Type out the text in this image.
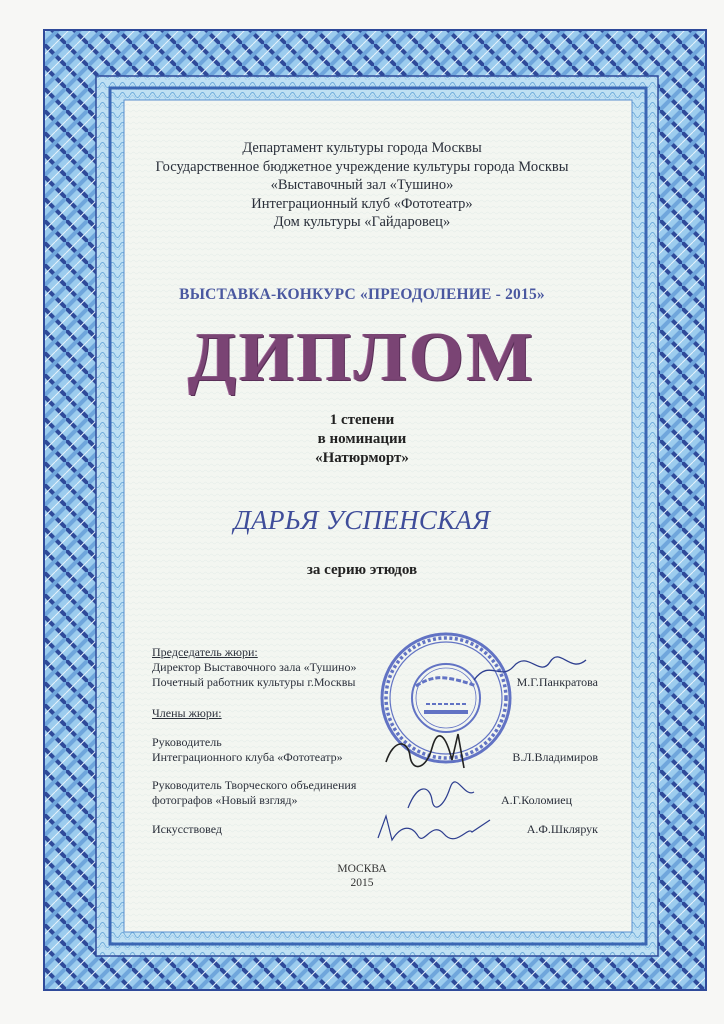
Департамент культуры города Москвы
Государственное бюджетное учреждение культуры города Москвы
«Выставочный зал «Тушино»
Интеграционный клуб «Фототеатр»
Дом культуры «Гайдаровец»
ВЫСТАВКА-КОНКУРС «ПРЕОДОЛЕНИЕ - 2015»
ДИПЛОМ
1 степени
в номинации
«Натюрморт»
ДАРЬЯ УСПЕНСКАЯ
за серию этюдов
Председатель жюри:
Директор Выставочного зала «Тушино»
Почетный работник культуры г.Москвы	М.Г.Панкратова
Члены жюри:
Руководитель
Интеграционного клуба «Фототеатр»	В.Л.Владимиров
Руководитель Творческого объединения
фотографов «Новый взгляд»	А.Г.Коломиец
Искусствовед	А.Ф.Шклярук
МОСКВА
2015
